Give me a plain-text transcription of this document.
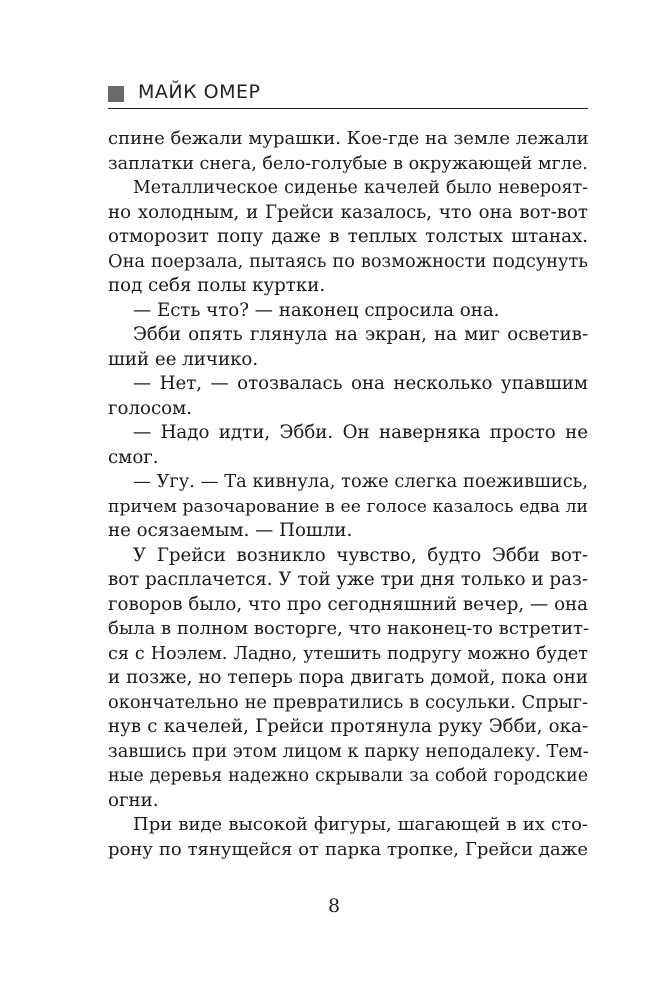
МАЙК ОМЕР
спине бежали мурашки. Кое-где на земле лежали
заплатки снега, бело-голубые в окружающей мгле.
Металлическое сиденье качелей было невероят-
но холодным, и Грейси казалось, что она вот-вот
отморозит попу даже в теплых толстых штанах.
Она поерзала, пытаясь по возможности подсунуть
под себя полы куртки.
— Есть что? — наконец спросила она.
Эбби опять глянула на экран, на миг осветив-
ший ее личико.
— Нет, — отозвалась она несколько упавшим
голосом.
— Надо идти, Эбби. Он наверняка просто не
смог.
— Угу. — Та кивнула, тоже слегка поежившись,
причем разочарование в ее голосе казалось едва ли
не осязаемым. — Пошли.
У Грейси возникло чувство, будто Эбби вот-
вот расплачется. У той уже три дня только и раз-
говоров было, что про сегодняшний вечер, — она
была в полном восторге, что наконец-то встретит-
ся с Ноэлем. Ладно, утешить подругу можно будет
и позже, но теперь пора двигать домой, пока они
окончательно не превратились в сосульки. Спрыг-
нув с качелей, Грейси протянула руку Эбби, ока-
завшись при этом лицом к парку неподалеку. Тем-
ные деревья надежно скрывали за собой городские
огни.
При виде высокой фигуры, шагающей в их сто-
рону по тянущейся от парка тропке, Грейси даже
8
